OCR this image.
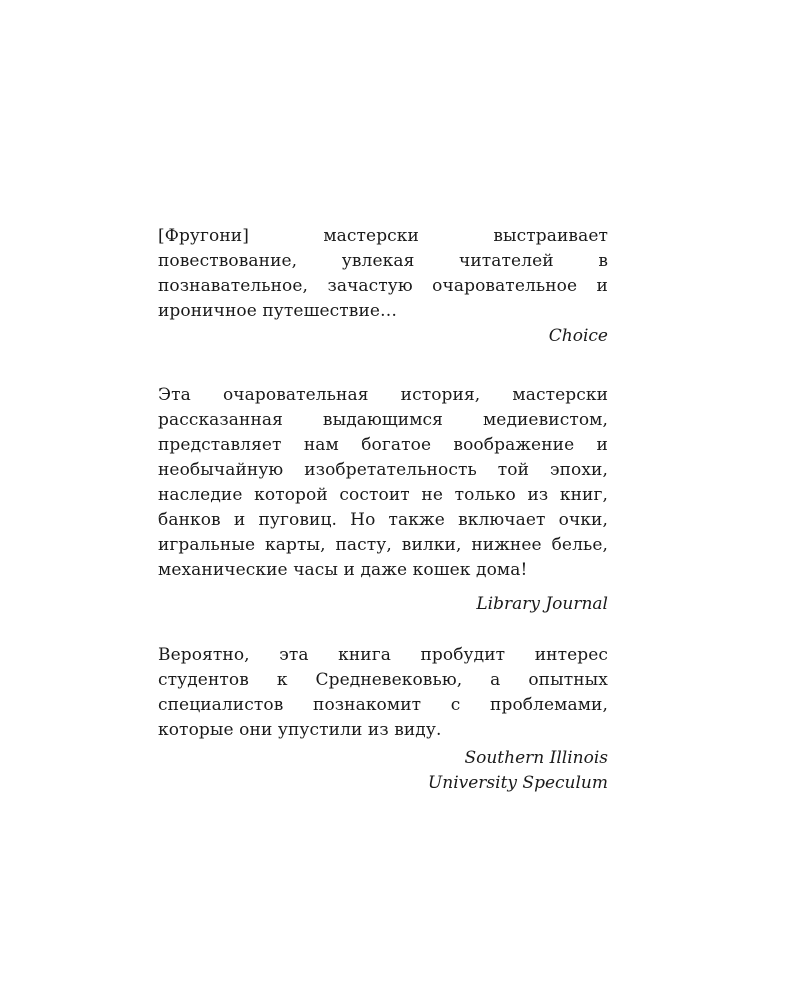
[Фругони] мастерски выстраивает повествование, увлекая читателей в познавательное, зачастую очаровательное и ироничное путешествие…

Choice

Эта очаровательная история, мастерски рассказанная выдающимся медиевистом, представляет нам богатое воображение и необычайную изобретательность той эпохи, наследие которой состоит не только из книг, банков и пуговиц. Но также включает очки, игральные карты, пасту, вилки, нижнее белье, механические часы и даже кошек дома!

Library Journal

Вероятно, эта книга пробудит интерес студентов к Средневековью, а опытных специалистов познакомит с проблемами, которые они упустили из виду.

Southern Illinois
University Speculum
